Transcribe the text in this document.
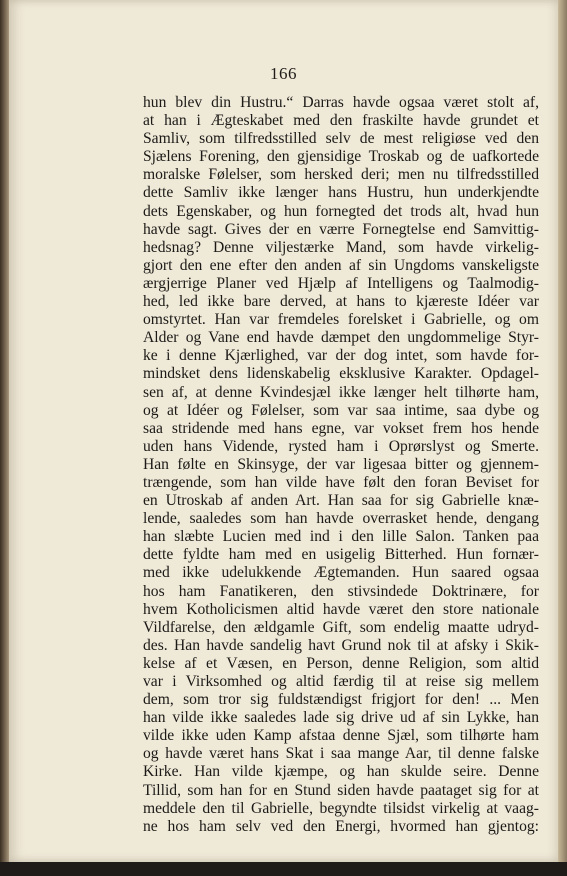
166
hun blev din Hustru.“ Darras havde ogsaa været stolt af,
at han i Ægteskabet med den fraskilte havde grundet et
Samliv, som tilfredsstilled selv de mest religiøse ved den
Sjælens Forening, den gjensidige Troskab og de uafkortede
moralske Følelser, som hersked deri; men nu tilfredsstilled
dette Samliv ikke længer hans Hustru, hun underkjendte
dets Egenskaber, og hun fornegted det trods alt, hvad hun
havde sagt. Gives der en værre Fornegtelse end Samvittig-
hedsnag? Denne viljestærke Mand, som havde virkelig-
gjort den ene efter den anden af sin Ungdoms vanskeligste
ærgjerrige Planer ved Hjælp af Intelligens og Taalmodig-
hed, led ikke bare derved, at hans to kjæreste Idéer var
omstyrtet. Han var fremdeles forelsket i Gabrielle, og om
Alder og Vane end havde dæmpet den ungdommelige Styr-
ke i denne Kjærlighed, var der dog intet, som havde for-
mindsket dens lidenskabelig eksklusive Karakter. Opdagel-
sen af, at denne Kvindesjæl ikke længer helt tilhørte ham,
og at Idéer og Følelser, som var saa intime, saa dybe og
saa stridende med hans egne, var vokset frem hos hende
uden hans Vidende, rysted ham i Oprørslyst og Smerte.
Han følte en Skinsyge, der var ligesaa bitter og gjennem-
trængende, som han vilde have følt den foran Beviset for
en Utroskab af anden Art. Han saa for sig Gabrielle knæ-
lende, saaledes som han havde overrasket hende, dengang
han slæbte Lucien med ind i den lille Salon. Tanken paa
dette fyldte ham med en usigelig Bitterhed. Hun fornær-
med ikke udelukkende Ægtemanden. Hun saared ogsaa
hos ham Fanatikeren, den stivsindede Doktrinære, for
hvem Kotholicismen altid havde været den store nationale
Vildfarelse, den ældgamle Gift, som endelig maatte udryd-
des. Han havde sandelig havt Grund nok til at afsky i Skik-
kelse af et Væsen, en Person, denne Religion, som altid
var i Virksomhed og altid færdig til at reise sig mellem
dem, som tror sig fuldstændigst frigjort for den! ... Men
han vilde ikke saaledes lade sig drive ud af sin Lykke, han
vilde ikke uden Kamp afstaa denne Sjæl, som tilhørte ham
og havde været hans Skat i saa mange Aar, til denne falske
Kirke. Han vilde kjæmpe, og han skulde seire. Denne
Tillid, som han for en Stund siden havde paataget sig for at
meddele den til Gabrielle, begyndte tilsidst virkelig at vaag-
ne hos ham selv ved den Energi, hvormed han gjentog:
